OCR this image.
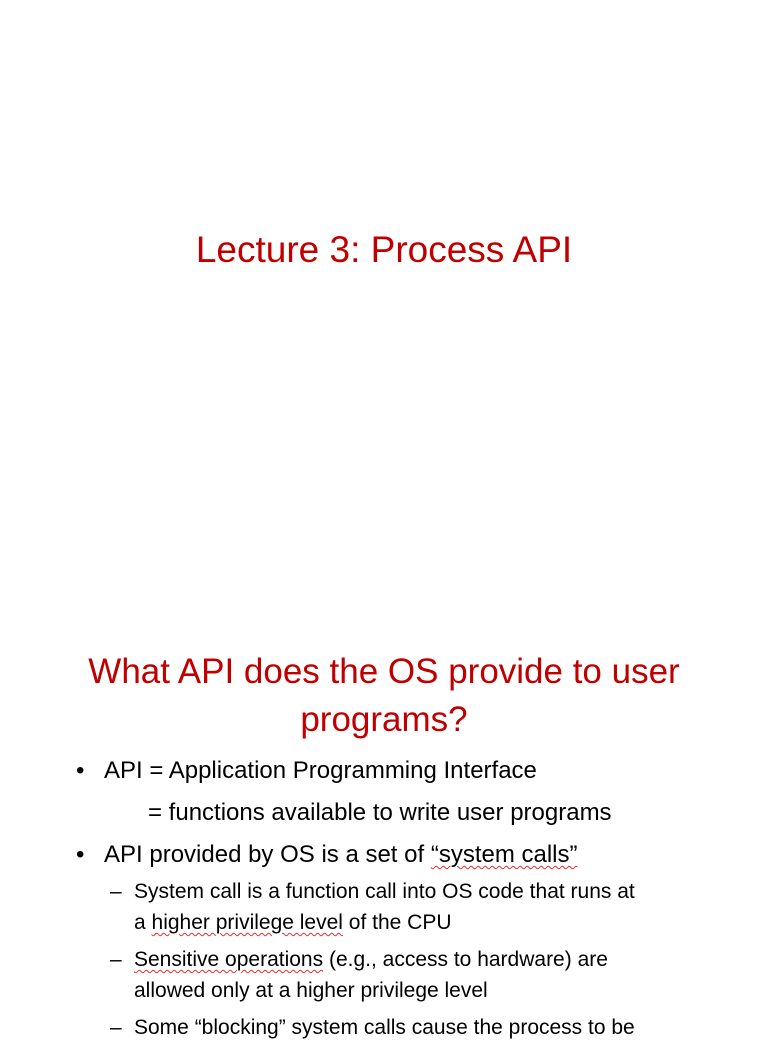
Lecture 3: Process API
What API does the OS provide to user
programs?
• API = Application Programming Interface
= functions available to write user programs
• API provided by OS is a set of “system calls”
– System call is a function call into OS code that runs at
a higher privilege level of the CPU
– Sensitive operations (e.g., access to hardware) are
allowed only at a higher privilege level
– Some “blocking” system calls cause the process to be
